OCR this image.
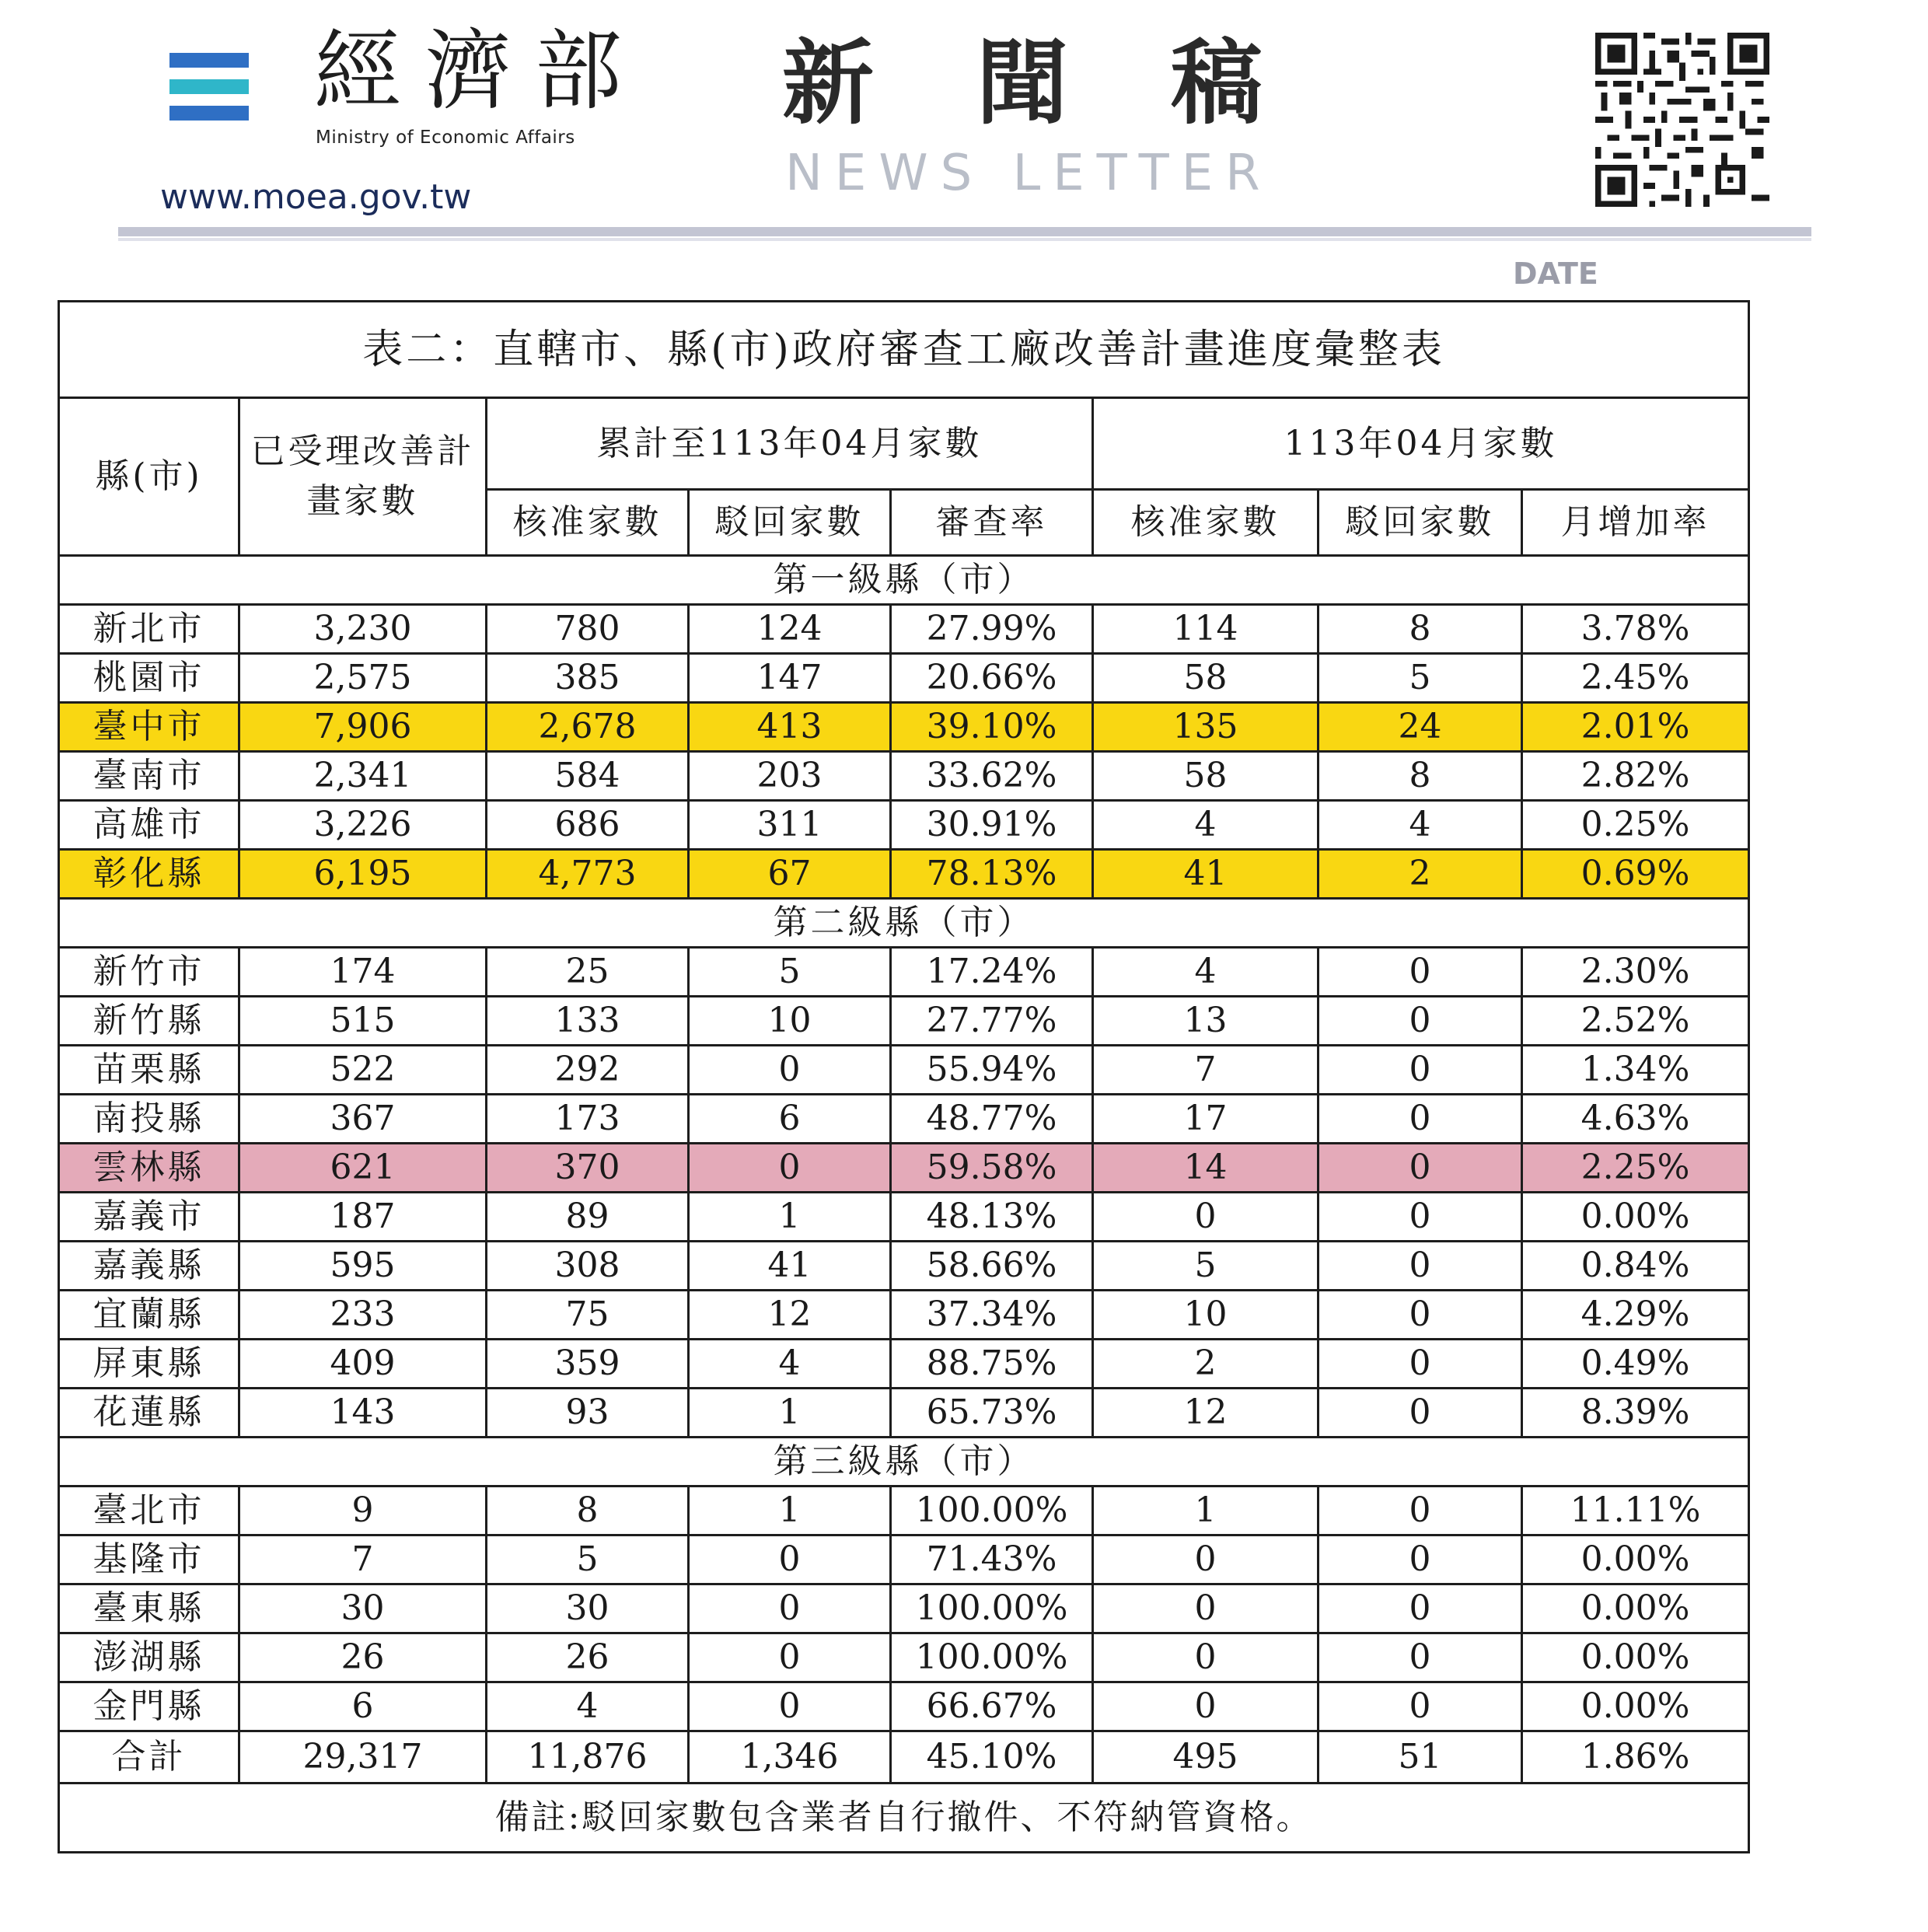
經濟部
Ministry of Economic Affairs
www.moea.gov.tw
新聞稿
NEWS LETTER
DATE
表二：直轄市、縣(市)政府審查工廠改善計畫進度彙整表							
縣(市)	已受理改善計畫家數	累計至113年04月家數			113年04月家數		
		核准家數	駁回家數	審查率	核准家數	駁回家數	月增加率
第一級縣（市）							
新北市	3,230	780	124	27.99%	114	8	3.78%
桃園市	2,575	385	147	20.66%	58	5	2.45%
臺中市	7,906	2,678	413	39.10%	135	24	2.01%
臺南市	2,341	584	203	33.62%	58	8	2.82%
高雄市	3,226	686	311	30.91%	4	4	0.25%
彰化縣	6,195	4,773	67	78.13%	41	2	0.69%
第二級縣（市）							
新竹市	174	25	5	17.24%	4	0	2.30%
新竹縣	515	133	10	27.77%	13	0	2.52%
苗栗縣	522	292	0	55.94%	7	0	1.34%
南投縣	367	173	6	48.77%	17	0	4.63%
雲林縣	621	370	0	59.58%	14	0	2.25%
嘉義市	187	89	1	48.13%	0	0	0.00%
嘉義縣	595	308	41	58.66%	5	0	0.84%
宜蘭縣	233	75	12	37.34%	10	0	4.29%
屏東縣	409	359	4	88.75%	2	0	0.49%
花蓮縣	143	93	1	65.73%	12	0	8.39%
第三級縣（市）							
臺北市	9	8	1	100.00%	1	0	11.11%
基隆市	7	5	0	71.43%	0	0	0.00%
臺東縣	30	30	0	100.00%	0	0	0.00%
澎湖縣	26	26	0	100.00%	0	0	0.00%
金門縣	6	4	0	66.67%	0	0	0.00%
合計	29,317	11,876	1,346	45.10%	495	51	1.86%
備註:駁回家數包含業者自行撤件、不符納管資格。							
